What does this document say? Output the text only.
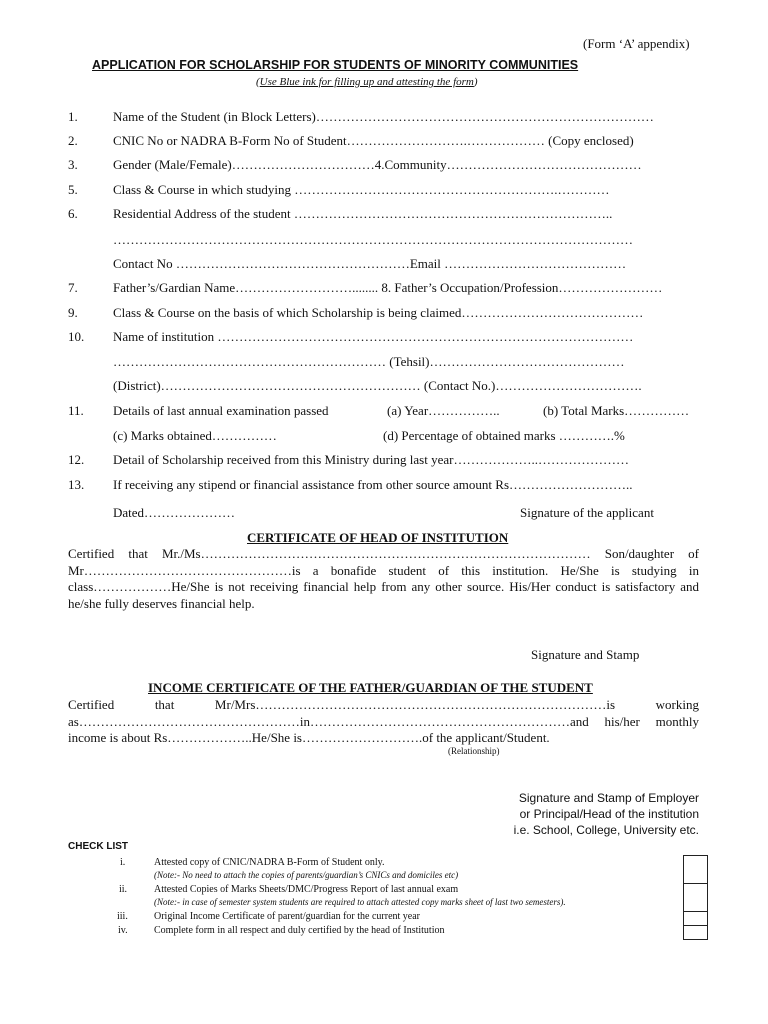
(Form ‘A’ appendix)
APPLICATION FOR SCHOLARSHIP FOR STUDENTS OF MINORITY COMMUNITIES
(Use Blue ink for filling up and attesting the form)
1.	Name of the Student (in Block Letters)……………………………………………………………………
2.	CNIC No or NADRA B-Form No of Student……………………….……………… (Copy enclosed)
3.	Gender (Male/Female)……………………………4.Community………………………………………
5.	Class & Course in which studying …………………………………………………….…………
6.	Residential Address of the student ………………………………………………………………..
…………………………………………………………………………………………………………
Contact No ………………………………………………Email ……………………………………
7.	Father’s/Gardian Name………………………........ 8. Father’s Occupation/Profession……………………
9.	Class & Course on the basis of which Scholarship is being claimed……………………………………
10. Name of institution ……………………………………………………………………………………
……………………………………………………… (Tehsil)………………………………………
(District)…………………………………………………… (Contact No.)…………………………….
11. Details of last annual examination passed	(a) Year……………..	(b) Total Marks……………
(c) Marks obtained……………	(d) Percentage of obtained marks ………….%
12. Detail of Scholarship received from this Ministry during last year………………..…………………
13. If receiving any stipend or financial assistance from other source amount Rs………………………..
Dated…………………	Signature of the applicant
CERTIFICATE OF HEAD OF INSTITUTION
Certified that Mr./Ms……………………………………………………………………………… Son/daughter of Mr…………………………………………is a bonafide student of this institution. He/She is studying in class………………He/She is not receiving financial help from any other source. His/Her conduct is satisfactory and he/she fully deserves financial help.
Signature and Stamp
INCOME CERTIFICATE OF THE FATHER/GUARDIAN OF THE STUDENT
Certified that Mr/Mrs………………………………………………………………………is working as……………………………………………in……………………………………………………and his/her monthly income is about Rs………………..He/She is……………………….of the applicant/Student.
(Relationship)
Signature and Stamp of Employer
or Principal/Head of the institution
i.e. School, College, University etc.
CHECK LIST
i.	Attested copy of CNIC/NADRA B-Form of Student only.
(Note:- No need to attach the copies of parents/guardian’s CNICs and domiciles etc)
ii.	Attested Copies of Marks Sheets/DMC/Progress Report of last annual exam
(Note:- in case of semester system students are required to attach attested copy marks sheet of last two semesters).
iii.	Original Income Certificate of parent/guardian for the current year
iv.	Complete form in all respect and duly certified by the head of Institution
